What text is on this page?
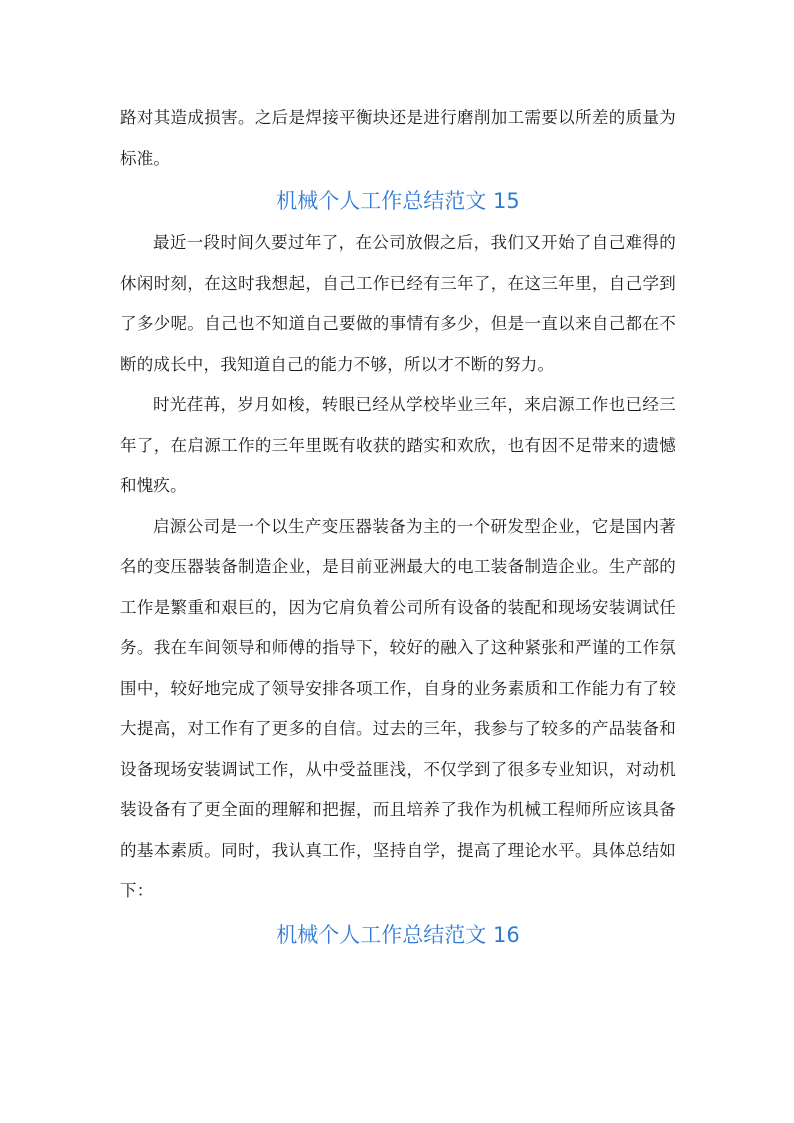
路对其造成损害。之后是焊接平衡块还是进行磨削加工需要以所差的质量为标准。

机械个人工作总结范文 15

最近一段时间久要过年了，在公司放假之后，我们又开始了自己难得的休闲时刻，在这时我想起，自己工作已经有三年了，在这三年里，自己学到了多少呢。自己也不知道自己要做的事情有多少，但是一直以来自己都在不断的成长中，我知道自己的能力不够，所以才不断的努力。

时光荏苒，岁月如梭，转眼已经从学校毕业三年，来启源工作也已经三年了，在启源工作的三年里既有收获的踏实和欢欣，也有因不足带来的遗憾和愧疚。

启源公司是一个以生产变压器装备为主的一个研发型企业，它是国内著名的变压器装备制造企业，是目前亚洲最大的电工装备制造企业。生产部的工作是繁重和艰巨的，因为它肩负着公司所有设备的装配和现场安装调试任务。我在车间领导和师傅的指导下，较好的融入了这种紧张和严谨的工作氛围中，较好地完成了领导安排各项工作，自身的业务素质和工作能力有了较大提高，对工作有了更多的自信。过去的三年，我参与了较多的产品装备和设备现场安装调试工作，从中受益匪浅，不仅学到了很多专业知识，对动机装设备有了更全面的理解和把握，而且培养了我作为机械工程师所应该具备的基本素质。同时，我认真工作，坚持自学，提高了理论水平。具体总结如下：

机械个人工作总结范文 16
